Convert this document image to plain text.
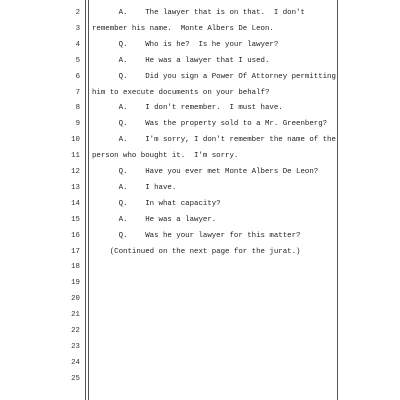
2 A.    The lawyer that is on that.  I don't
3 remember his name.  Monte Albers De Leon.
4 Q.    Who is he?  Is he your lawyer?
5 A.    He was a lawyer that I used.
6 Q.    Did you sign a Power Of Attorney permitting
7 him to execute documents on your behalf?
8 A.    I don't remember.  I must have.
9 Q.    Was the property sold to a Mr. Greenberg?
10 A.    I'm sorry, I don't remember the name of the
11 person who bought it.  I'm sorry.
12 Q.    Have you ever met Monte Albers De Leon?
13 A.    I have.
14 Q.    In what capacity?
15 A.    He was a lawyer.
16 Q.    Was he your lawyer for this matter?
17 (Continued on the next page for the jurat.)
18
19
20
21
22
23
24
25
